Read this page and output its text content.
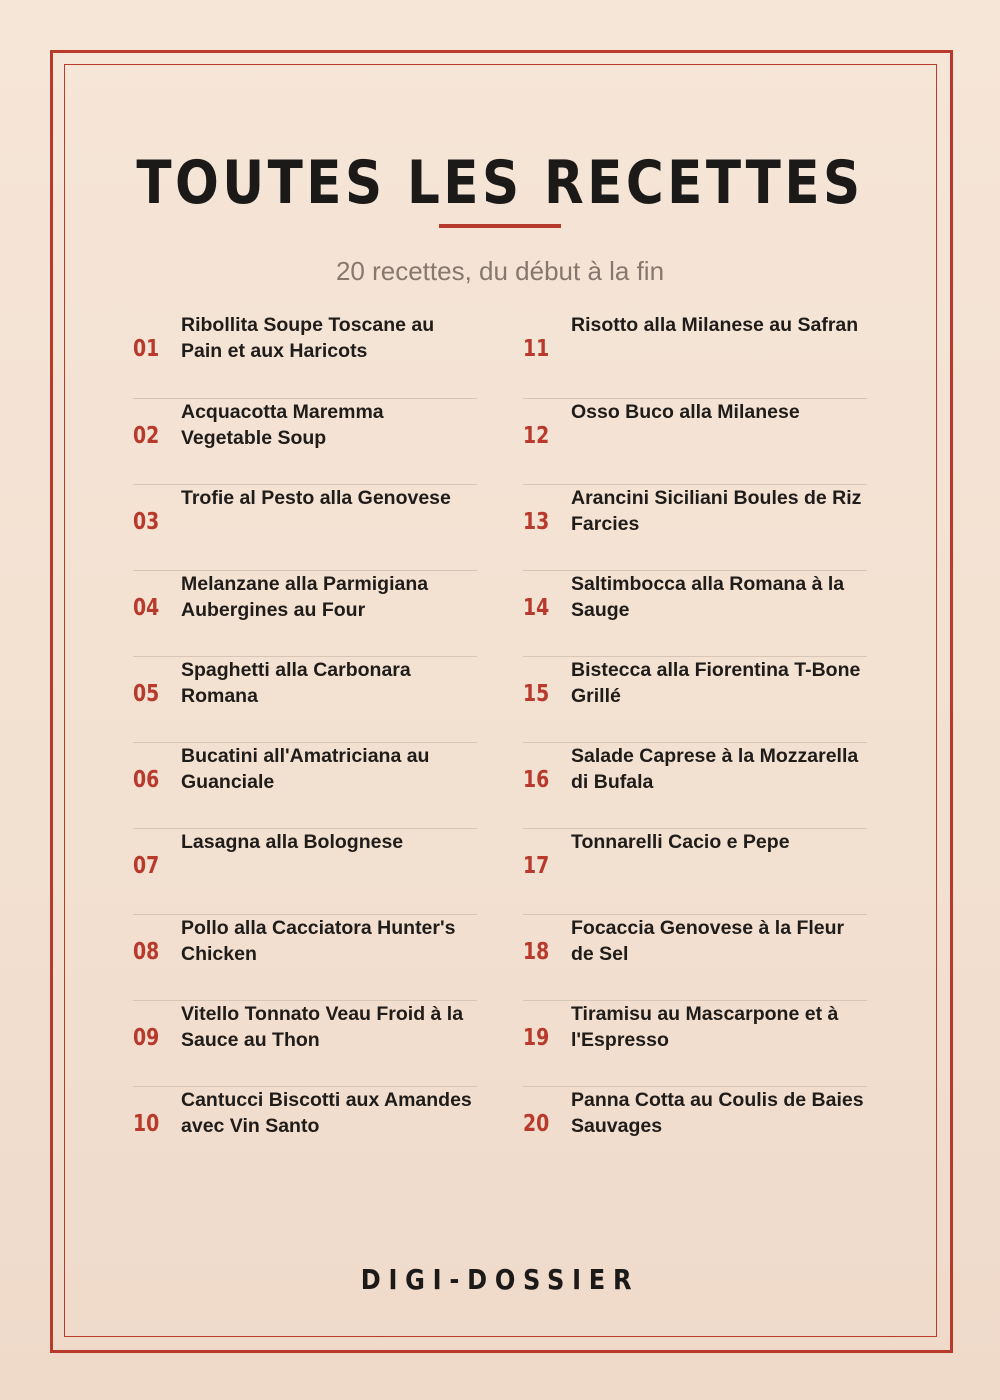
TOUTES LES RECETTES
20 recettes, du début à la fin
01
Ribollita Soupe Toscane au Pain et aux Haricots
02
Acquacotta Maremma Vegetable Soup
03
Trofie al Pesto alla Genovese
04
Melanzane alla Parmigiana Aubergines au Four
05
Spaghetti alla Carbonara Romana
06
Bucatini all'Amatriciana au Guanciale
07
Lasagna alla Bolognese
08
Pollo alla Cacciatora Hunter's Chicken
09
Vitello Tonnato Veau Froid à la Sauce au Thon
10
Cantucci Biscotti aux Amandes avec Vin Santo
11
Risotto alla Milanese au Safran
12
Osso Buco alla Milanese
13
Arancini Siciliani Boules de Riz Farcies
14
Saltimbocca alla Romana à la Sauge
15
Bistecca alla Fiorentina T-Bone Grillé
16
Salade Caprese à la Mozzarella di Bufala
17
Tonnarelli Cacio e Pepe
18
Focaccia Genovese à la Fleur de Sel
19
Tiramisu au Mascarpone et à l'Espresso
20
Panna Cotta au Coulis de Baies Sauvages
DIGI-DOSSIER
